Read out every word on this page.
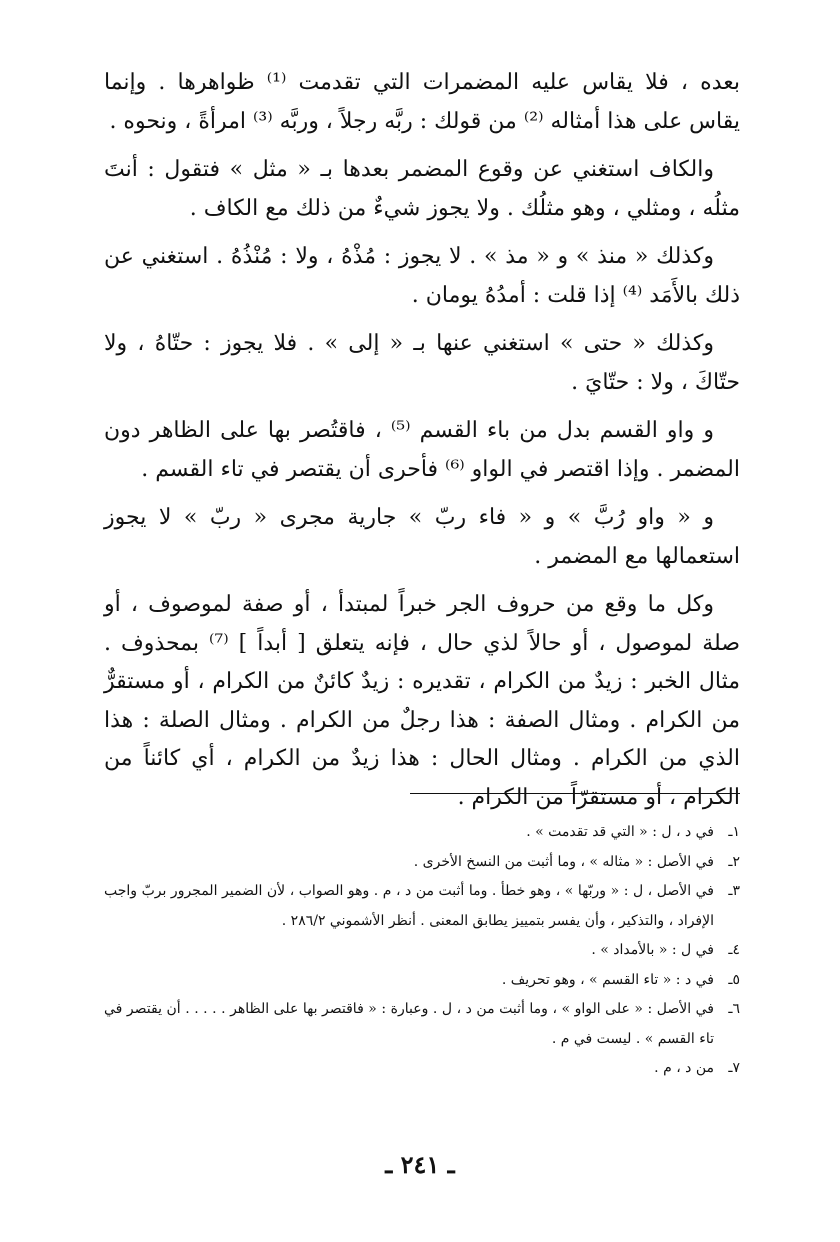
بعده ، فلا يقاس عليه المضمرات التي تقدمت ⁽¹⁾ ظواهرها . وإنما يقاس على هذا أمثاله ⁽²⁾ من قولك : ربَّه رجلاً ، وربَّه ⁽³⁾ امرأةً ، ونحوه .

والكاف استغني عن وقوع المضمر بعدها بـ « مثل » فتقول : أنتَ مثلُه ، ومثلي ، وهو مثلُك . ولا يجوز شيءٌ من ذلك مع الكاف .

وكذلك « منذ » و « مذ » . لا يجوز : مُذْهُ ، ولا : مُنْذُهُ . استغني عن ذلك بالأَمَد ⁽⁴⁾ إذا قلت : أمدُهُ يومان .

وكذلك « حتى » استغني عنها بـ « إلى » . فلا يجوز : حتّاهُ ، ولا حتّاكَ ، ولا : حتّايَ .

و واو القسم بدل من باء القسم ⁽⁵⁾ ، فاقتُصر بها على الظاهر دون المضمر . وإذا اقتصر في الواو ⁽⁶⁾ فأحرى أن يقتصر في تاء القسم .

و « واو رُبَّ » و « فاء ربّ » جارية مجرى « ربّ » لا يجوز استعمالها مع المضمر .

وكل ما وقع من حروف الجر خبراً لمبتدأ ، أو صفة لموصوف ، أو صلة لموصول ، أو حالاً لذي حال ، فإنه يتعلق [ أبداً ] ⁽⁷⁾ بمحذوف . مثال الخبر : زيدٌ من الكرام ، تقديره : زيدٌ كائنٌ من الكرام ، أو مستقرٌّ من الكرام . ومثال الصفة : هذا رجلٌ من الكرام . ومثال الصلة : هذا الذي من الكرام . ومثال الحال : هذا زيدٌ من الكرام ، أي كائناً من الكرام ، أو مستقرّاً من الكرام .

١ـ
في د ، ل : « التي قد تقدمت » .
٢ـ
في الأصل : « مثاله » ، وما أثبت من النسخ الأخرى .
٣ـ
في الأصل ، ل : « وربّها » ، وهو خطأ . وما أثبت من د ، م . وهو الصواب ، لأن الضمير المجرور بربّ واجب الإفراد ، والتذكير ، وأن يفسر بتمييز يطابق المعنى . أنظر الأشموني ٢٨٦/٢ .
٤ـ
في ل : « بالأمداد » .
٥ـ
في د : « تاء القسم » ، وهو تحريف .
٦ـ
في الأصل : « على الواو » ، وما أثبت من د ، ل . وعبارة : « فاقتصر بها على الظاهر . . . . . أن يقتصر في تاء القسم » . ليست في م .
٧ـ
من د ، م .
ـ ٢٤١ ـ
